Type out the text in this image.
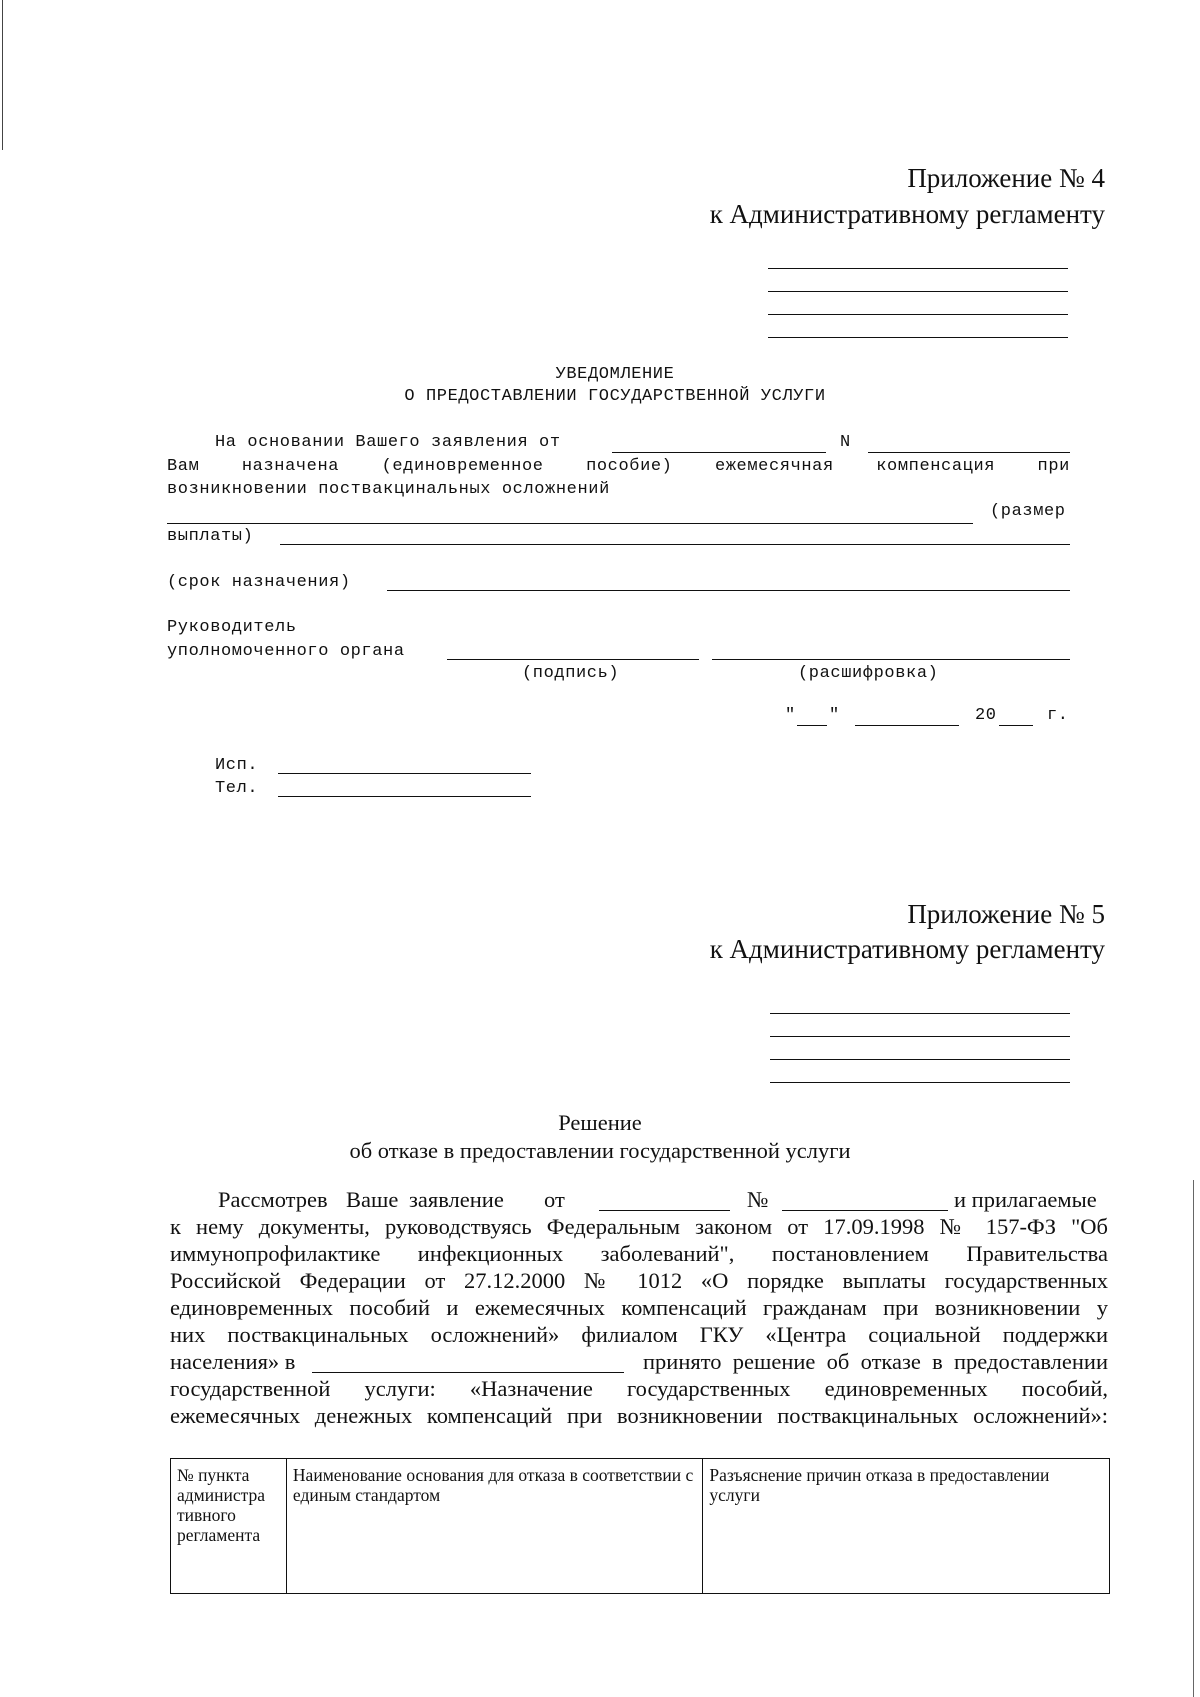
Приложение № 4
к Административному регламенту
УВЕДОМЛЕНИЕ
О ПРЕДОСТАВЛЕНИИ ГОСУДАРСТВЕННОЙ УСЛУГИ
На основании Вашего заявления от	N
Вам назначена (единовременное пособие) ежемесячная компенсация при
возникновении поствакцинальных осложнений
(размер
выплаты)
(срок назначения)
Руководитель
уполномоченного органа
(подпись)	(расшифровка)
" "	20	г.
Исп.
Тел.
Приложение № 5
к Административному регламенту
Решение
об отказе в предоставлении государственной услуги
Рассмотрев Ваше заявление от	№	и прилагаемые
к нему документы, руководствуясь Федеральным законом от 17.09.1998 № 157-ФЗ "Об
иммунопрофилактике инфекционных заболеваний", постановлением Правительства
Российской Федерации от 27.12.2000 № 1012 «О порядке выплаты государственных
единовременных пособий и ежемесячных компенсаций гражданам при возникновении у
них поствакцинальных осложнений» филиалом ГКУ «Центра социальной поддержки
населения» в	принято решение об отказе в предоставлении
государственной услуги: «Назначение государственных единовременных пособий,
ежемесячных денежных компенсаций при возникновении поствакцинальных осложнений»:
№ пункта администра тивного регламента	Наименование основания для отказа в соответствии с единым стандартом	Разъяснение причин отказа в предоставлении услуги
